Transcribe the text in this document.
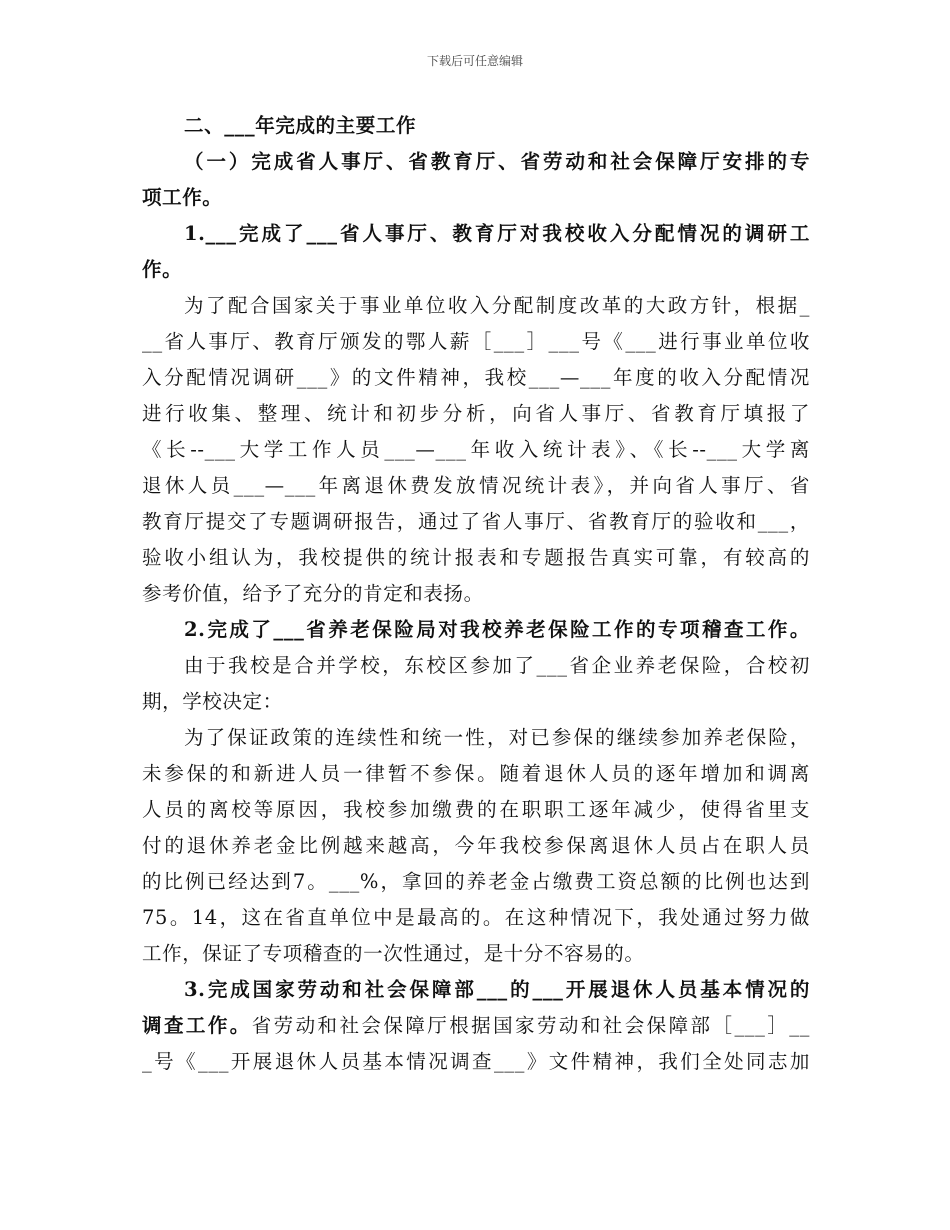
下载后可任意编辑
二、___年完成的主要工作
（一）完成省人事厅、省教育厅、省劳动和社会保障厅安排的专
项工作。
1.___完成了___省人事厅、教育厅对我校收入分配情况的调研工
作。
为了配合国家关于事业单位收入分配制度改革的大政方针，根据_
__省人事厅、教育厅颁发的鄂人薪［___］___号《___进行事业单位收
入分配情况调研___》的文件精神，我校___—___年度的收入分配情况
进行收集、整理、统计和初步分析，向省人事厅、省教育厅填报了
《长--___大学工作人员___—___年收入统计表》、《长--___大学离
退休人员___—___年离退休费发放情况统计表》，并向省人事厅、省
教育厅提交了专题调研报告，通过了省人事厅、省教育厅的验收和___，
验收小组认为，我校提供的统计报表和专题报告真实可靠，有较高的
参考价值，给予了充分的肯定和表扬。
2.完成了___省养老保险局对我校养老保险工作的专项稽查工作。
由于我校是合并学校，东校区参加了___省企业养老保险，合校初
期，学校决定：
为了保证政策的连续性和统一性，对已参保的继续参加养老保险，
未参保的和新进人员一律暂不参保。随着退休人员的逐年增加和调离
人员的离校等原因，我校参加缴费的在职职工逐年减少，使得省里支
付的退休养老金比例越来越高，今年我校参保离退休人员占在职人员
的比例已经达到7。___%，拿回的养老金占缴费工资总额的比例也达到
75。14，这在省直单位中是最高的。在这种情况下，我处通过努力做
工作，保证了专项稽查的一次性通过，是十分不容易的。
3.完成国家劳动和社会保障部___的___开展退休人员基本情况的
调查工作。省劳动和社会保障厅根据国家劳动和社会保障部［___］__
_号《___开展退休人员基本情况调查___》文件精神，我们全处同志加
